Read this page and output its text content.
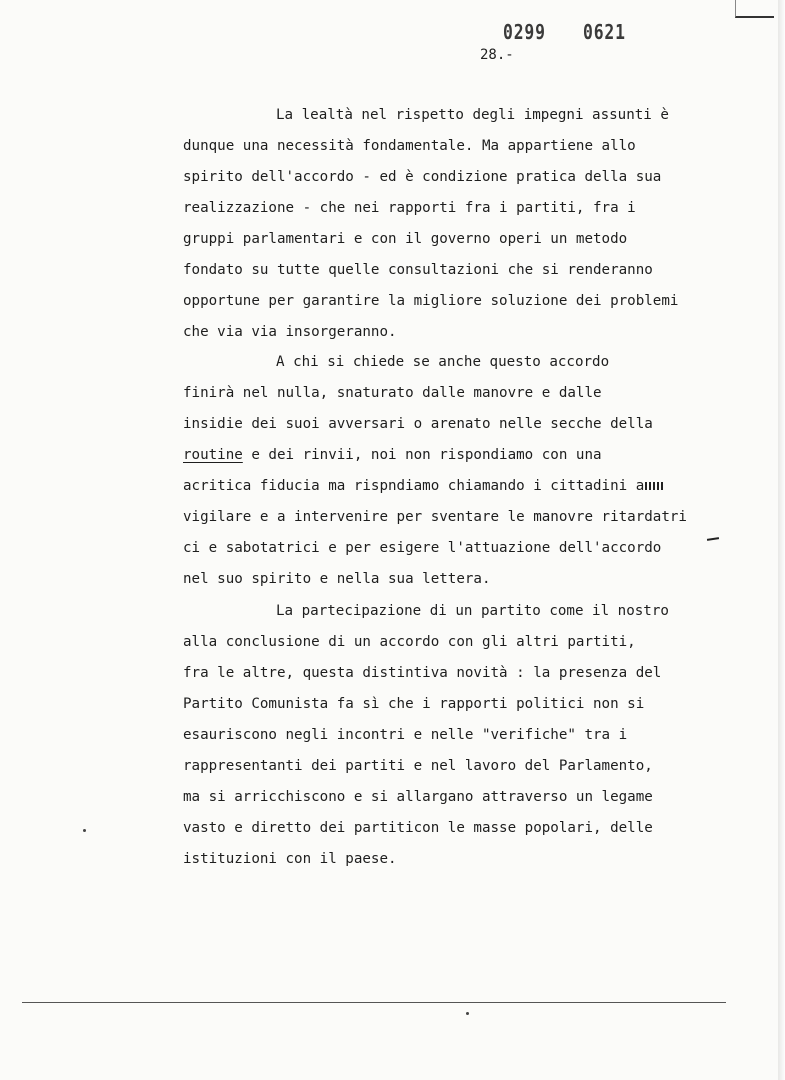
0299 0621
28.-
La lealtà nel rispetto degli impegni assunti è
dunque una necessità fondamentale. Ma appartiene allo
spirito dell'accordo - ed è condizione pratica della sua
realizzazione - che nei rapporti fra i partiti, fra i
gruppi parlamentari e con il governo operi un metodo
fondato su tutte quelle consultazioni che si renderanno
opportune per garantire la migliore soluzione dei problemi
che via via insorgeranno.
A chi si chiede se anche questo accordo
finirà nel nulla, snaturato dalle manovre e dalle
insidie dei suoi avversari o arenato nelle secche della
routine e dei rinvii, noi non rispondiamo con una
acritica fiducia ma rispndiamo chiamando i cittadini a
vigilare e a intervenire per sventare le manovre ritardatri
ci e sabotatrici e per esigere l'attuazione dell'accordo
nel suo spirito e nella sua lettera.
La partecipazione di un partito come il nostro
alla conclusione di un accordo con gli altri partiti,
fra le altre, questa distintiva novità : la presenza del
Partito Comunista fa sì che i rapporti politici non si
esauriscono negli incontri e nelle "verifiche" tra i
rappresentanti dei partiti e nel lavoro del Parlamento,
ma si arricchiscono e si allargano attraverso un legame
vasto e diretto dei partiticon le masse popolari, delle
istituzioni con il paese.
